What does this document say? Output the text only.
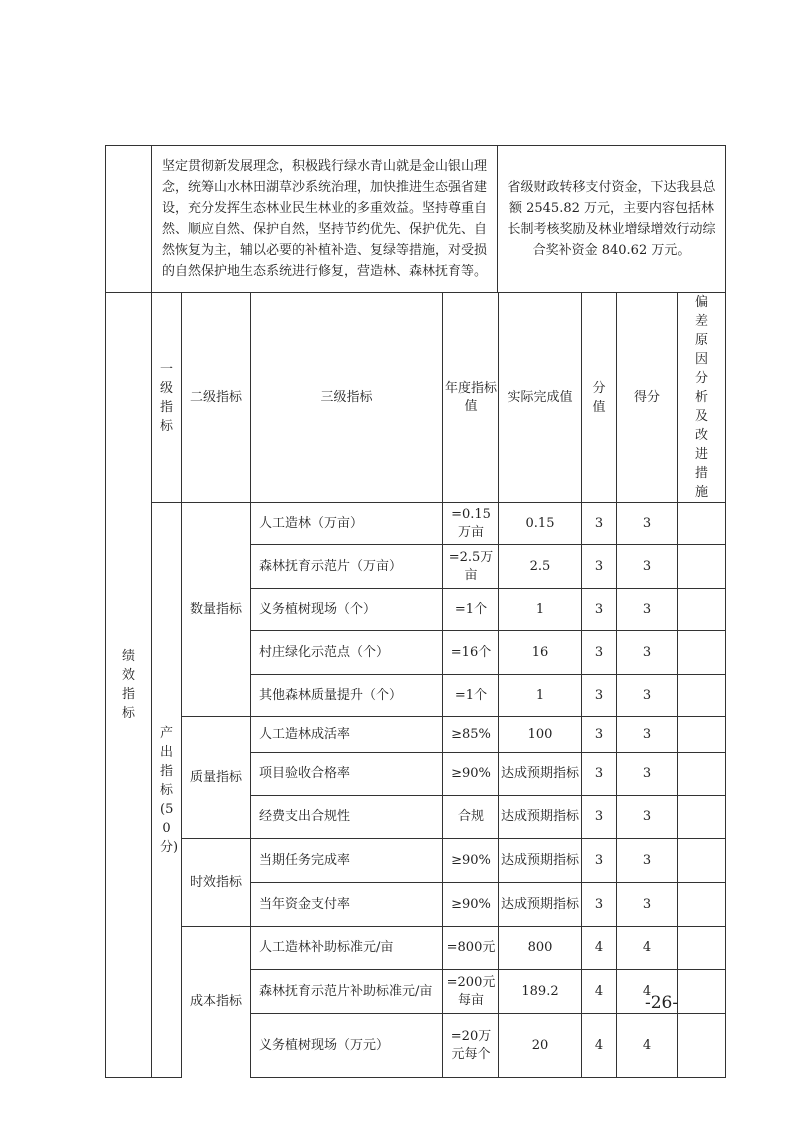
	坚定贯彻新发展理念，积极践行绿水青山就是金山银山理念，统筹山水林田湖草沙系统治理，加快推进生态强省建设，充分发挥生态林业民生林业的多重效益。坚持尊重自然、顺应自然、保护自然，坚持节约优先、保护优先、自然恢复为主，辅以必要的补植补造、复绿等措施，对受损的自然保护地生态系统进行修复，营造林、森林抚育等。	省级财政转移支付资金，下达我县总额 2545.82 万元，主要内容包括林长制考核奖励及林业增绿增效行动综合奖补资金 840.62 万元。
绩效指标	一级指标	二级指标	三级指标	年度指标值	实际完成值	分值	得分	偏差原因分析及改进措施

	产出指标(50分)	数量指标	人工造林（万亩）	=0.15万亩	0.15	3	3	

			森林抚育示范片（万亩）	=2.5万亩	2.5	3	3	

			义务植树现场（个）	=1个	1	3	3	

			村庄绿化示范点（个）	=16个	16	3	3	

			其他森林质量提升（个）	=1个	1	3	3	

		质量指标	人工造林成活率	≥85%	100	3	3	

			项目验收合格率	≥90%	达成预期指标	3	3	

			经费支出合规性	合规	达成预期指标	3	3	

		时效指标	当期任务完成率	≥90%	达成预期指标	3	3	

			当年资金支付率	≥90%	达成预期指标	3	3	

		成本指标	人工造林补助标准元/亩	=800元	800	4	4	

			森林抚育示范片补助标准元/亩	=200元每亩	189.2	4	4	

			义务植树现场（万元）	=20万元每个	20	4	4	

-26-
